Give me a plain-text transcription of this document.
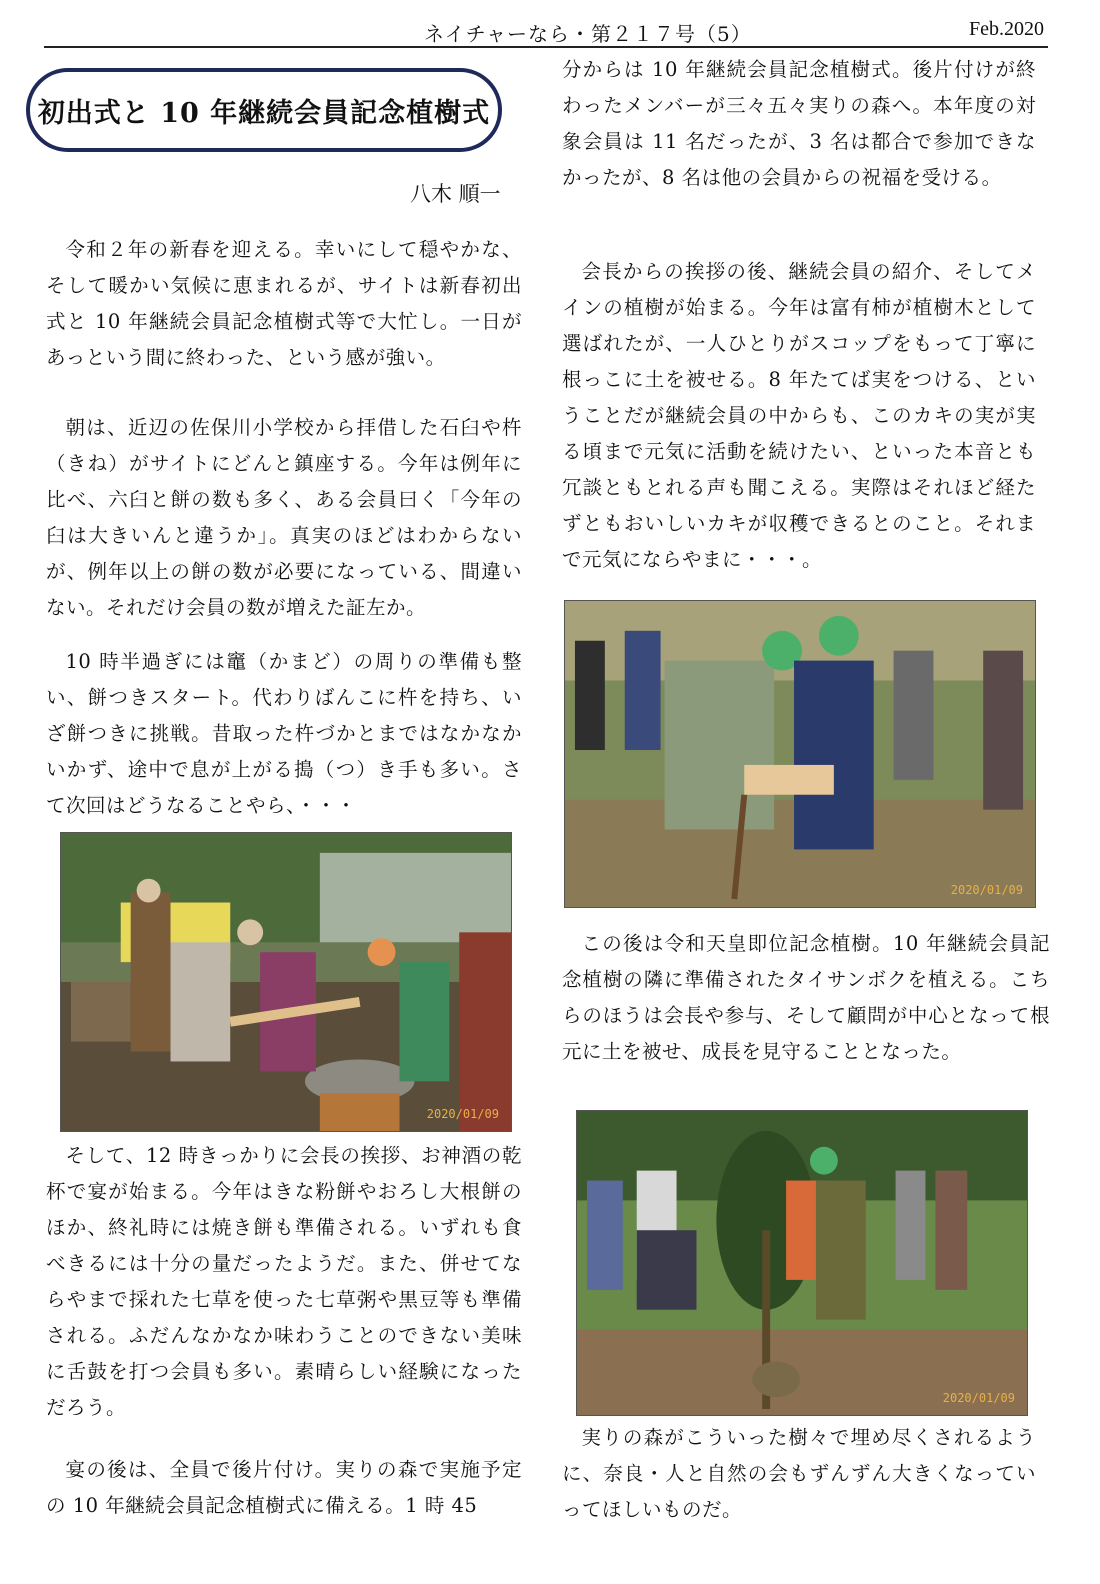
ネイチャーなら・第２１７号（5）	Feb.2020
初出式と 10 年継続会員記念植樹式
八木 順一

令和２年の新春を迎える。幸いにして穏やかな、そして暖かい気候に恵まれるが、サイトは新春初出式と 10 年継続会員記念植樹式等で大忙し。一日があっという間に終わった、という感が強い。

朝は、近辺の佐保川小学校から拝借した石臼や杵（きね）がサイトにどんと鎮座する。今年は例年に比べ、六臼と餅の数も多く、ある会員曰く「今年の臼は大きいんと違うか」。真実のほどはわからないが、例年以上の餅の数が必要になっている、間違いない。それだけ会員の数が増えた証左か。

10 時半過ぎには竈（かまど）の周りの準備も整い、餅つきスタート。代わりばんこに杵を持ち、いざ餅つきに挑戦。昔取った杵づかとまではなかなかいかず、途中で息が上がる搗（つ）き手も多い。さて次回はどうなることやら、・・・

2020/01/09

そして、12 時きっかりに会長の挨拶、お神酒の乾杯で宴が始まる。今年はきな粉餅やおろし大根餅のほか、終礼時には焼き餅も準備される。いずれも食べきるには十分の量だったようだ。また、併せてならやまで採れた七草を使った七草粥や黒豆等も準備される。ふだんなかなか味わうことのできない美味に舌鼓を打つ会員も多い。素晴らしい経験になっただろう。

宴の後は、全員で後片付け。実りの森で実施予定の 10 年継続会員記念植樹式に備える。1 時 45

分からは 10 年継続会員記念植樹式。後片付けが終わったメンバーが三々五々実りの森へ。本年度の対象会員は 11 名だったが、3 名は都合で参加できなかったが、8 名は他の会員からの祝福を受ける。

会長からの挨拶の後、継続会員の紹介、そしてメインの植樹が始まる。今年は富有柿が植樹木として選ばれたが、一人ひとりがスコップをもって丁寧に根っこに土を被せる。8 年たてば実をつける、ということだが継続会員の中からも、このカキの実が実る頃まで元気に活動を続けたい、といった本音とも冗談ともとれる声も聞こえる。実際はそれほど経たずともおいしいカキが収穫できるとのこと。それまで元気にならやまに・・・。

2020/01/09

この後は令和天皇即位記念植樹。10 年継続会員記念植樹の隣に準備されたタイサンボクを植える。こちらのほうは会長や参与、そして顧問が中心となって根元に土を被せ、成長を見守ることとなった。

2020/01/09

実りの森がこういった樹々で埋め尽くされるように、奈良・人と自然の会もずんずん大きくなっていってほしいものだ。
